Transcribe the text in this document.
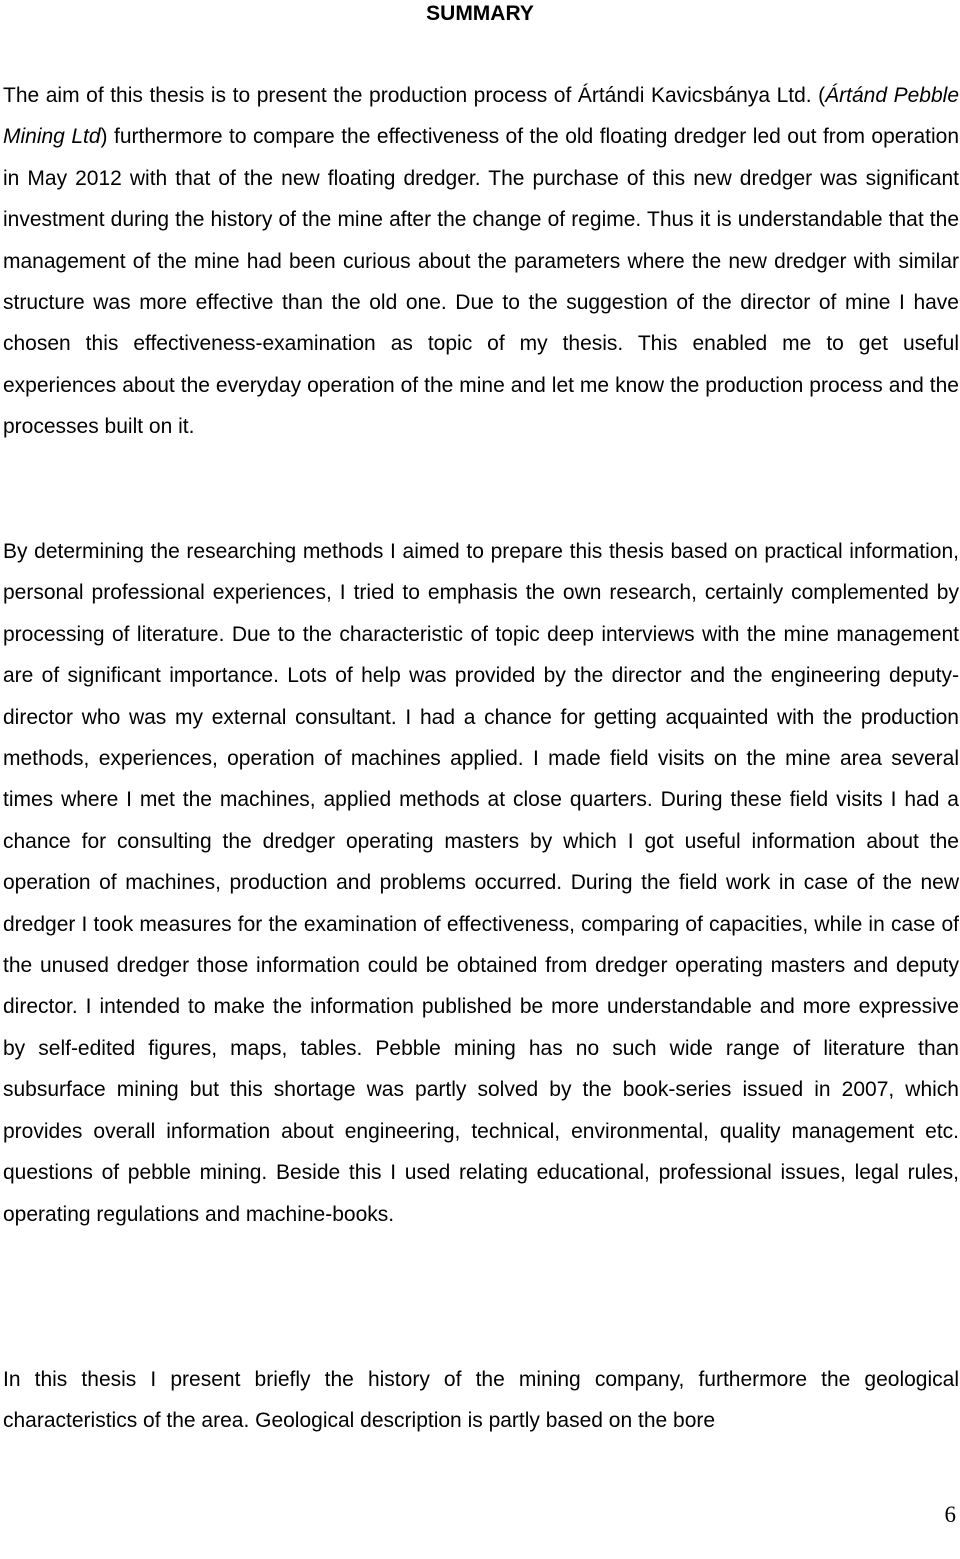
SUMMARY

The aim of this thesis is to present the production process of Ártándi Kavicsbánya Ltd. (Ártánd Pebble Mining Ltd) furthermore to compare the effectiveness of the old floating dredger led out from operation in May 2012 with that of the new floating dredger. The purchase of this new dredger was significant investment during the history of the mine after the change of regime. Thus it is understandable that the management of the mine had been curious about the parameters where the new dredger with similar structure was more effective than the old one. Due to the suggestion of the director of mine I have chosen this effectiveness-examination as topic of my thesis. This enabled me to get useful experiences about the everyday operation of the mine and let me know the production process and the processes built on it.

By determining the researching methods I aimed to prepare this thesis based on practical information, personal professional experiences, I tried to emphasis the own research, certainly complemented by processing of literature. Due to the characteristic of topic deep interviews with the mine management are of significant importance. Lots of help was provided by the director and the engineering deputy-director who was my external consultant. I had a chance for getting acquainted with the production methods, experiences, operation of machines applied. I made field visits on the mine area several times where I met the machines, applied methods at close quarters. During these field visits I had a chance for consulting the dredger operating masters by which I got useful information about the operation of machines, production and problems occurred. During the field work in case of the new dredger I took measures for the examination of effectiveness, comparing of capacities, while in case of the unused dredger those information could be obtained from dredger operating masters and deputy director. I intended to make the information published be more understandable and more expressive by self-edited figures, maps, tables. Pebble mining has no such wide range of literature than subsurface mining but this shortage was partly solved by the book-series issued in 2007, which provides overall information about engineering, technical, environmental, quality management etc. questions of pebble mining. Beside this I used relating educational, professional issues, legal rules, operating regulations and machine-books.

In this thesis I present briefly the history of the mining company, furthermore the geological characteristics of the area. Geological description is partly based on the bore

6
